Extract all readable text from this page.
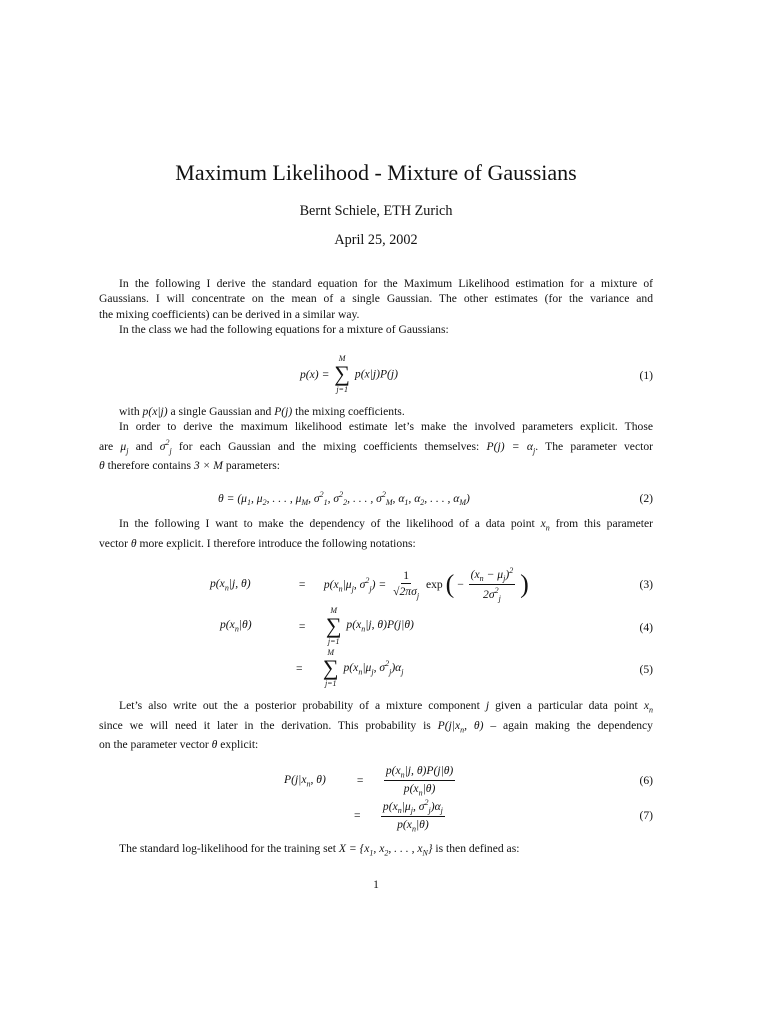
Maximum Likelihood - Mixture of Gaussians
Bernt Schiele, ETH Zurich
April 25, 2002
In the following I derive the standard equation for the Maximum Likelihood estimation for a mixture of
Gaussians. I will concentrate on the mean of a single Gaussian. The other estimates (for the variance and
the mixing coefficients) can be derived in a similar way.
In the class we had the following equations for a mixture of Gaussians:
p(x) =
M
∑
j=1
p(x|j)P(j)	(1)
with p(x|j) a single Gaussian and P(j) the mixing coefficients.
In order to derive the maximum likelihood estimate let’s make the involved parameters explicit. Those
are $\mu_j$ and $\sigma^2_j$ for each Gaussian and the mixing coefficients themselves: $P(j) = \alpha_j$. The parameter vector
θ therefore contains 3 × M parameters:
$\theta = (\mu_1$, $\mu_2$, . . . , $\mu_M$, $\sigma^2_1$, $\sigma^2_2$, . . . , $\sigma^2_M$, $\alpha_1$, $\alpha_2$, . . . , $\alpha_M$)	(2)
In the following I want to make the dependency of the likelihood of a data point $x_n$ from this parameter
vector θ more explicit. I therefore introduce the following notations:
$p(x_n|j$, θ)	= $p(x_n|\mu_j$, $\sigma^2_j) = \frac{1}{√2\pi\sigma_j}$ exp ( − $\frac{(x_n - \mu_j)^2}{2\sigma^2_j}$ )	(3)
$p(x_n|\theta)$	=
M
∑
j=1
$p(x_n|j$, θ)P(j|θ)	(4)
=
M
∑
j=1
$p(x_n|\mu_j$, $\sigma^2_j)\alpha_j$	(5)
Let’s also write out the a posterior probability of a mixture component j given a particular data point $x_n$
since we will need it later in the derivation. This probability is $P(j|x_n$, θ) – again making the dependency
on the parameter vector θ explicit:
$P(j|x_n$, θ)	= $\frac{p(x_n|j, \theta)P(j|\theta)}{p(x_n|\theta)}$	(6)
= $\frac{p(x_n|\mu_j, \sigma^2_j)\alpha_j}{p(x_n|\theta)}$	(7)
The standard log-likelihood for the training set $X = \{x_1$, $x_2$, . . . , $x_N$} is then defined as:
1
